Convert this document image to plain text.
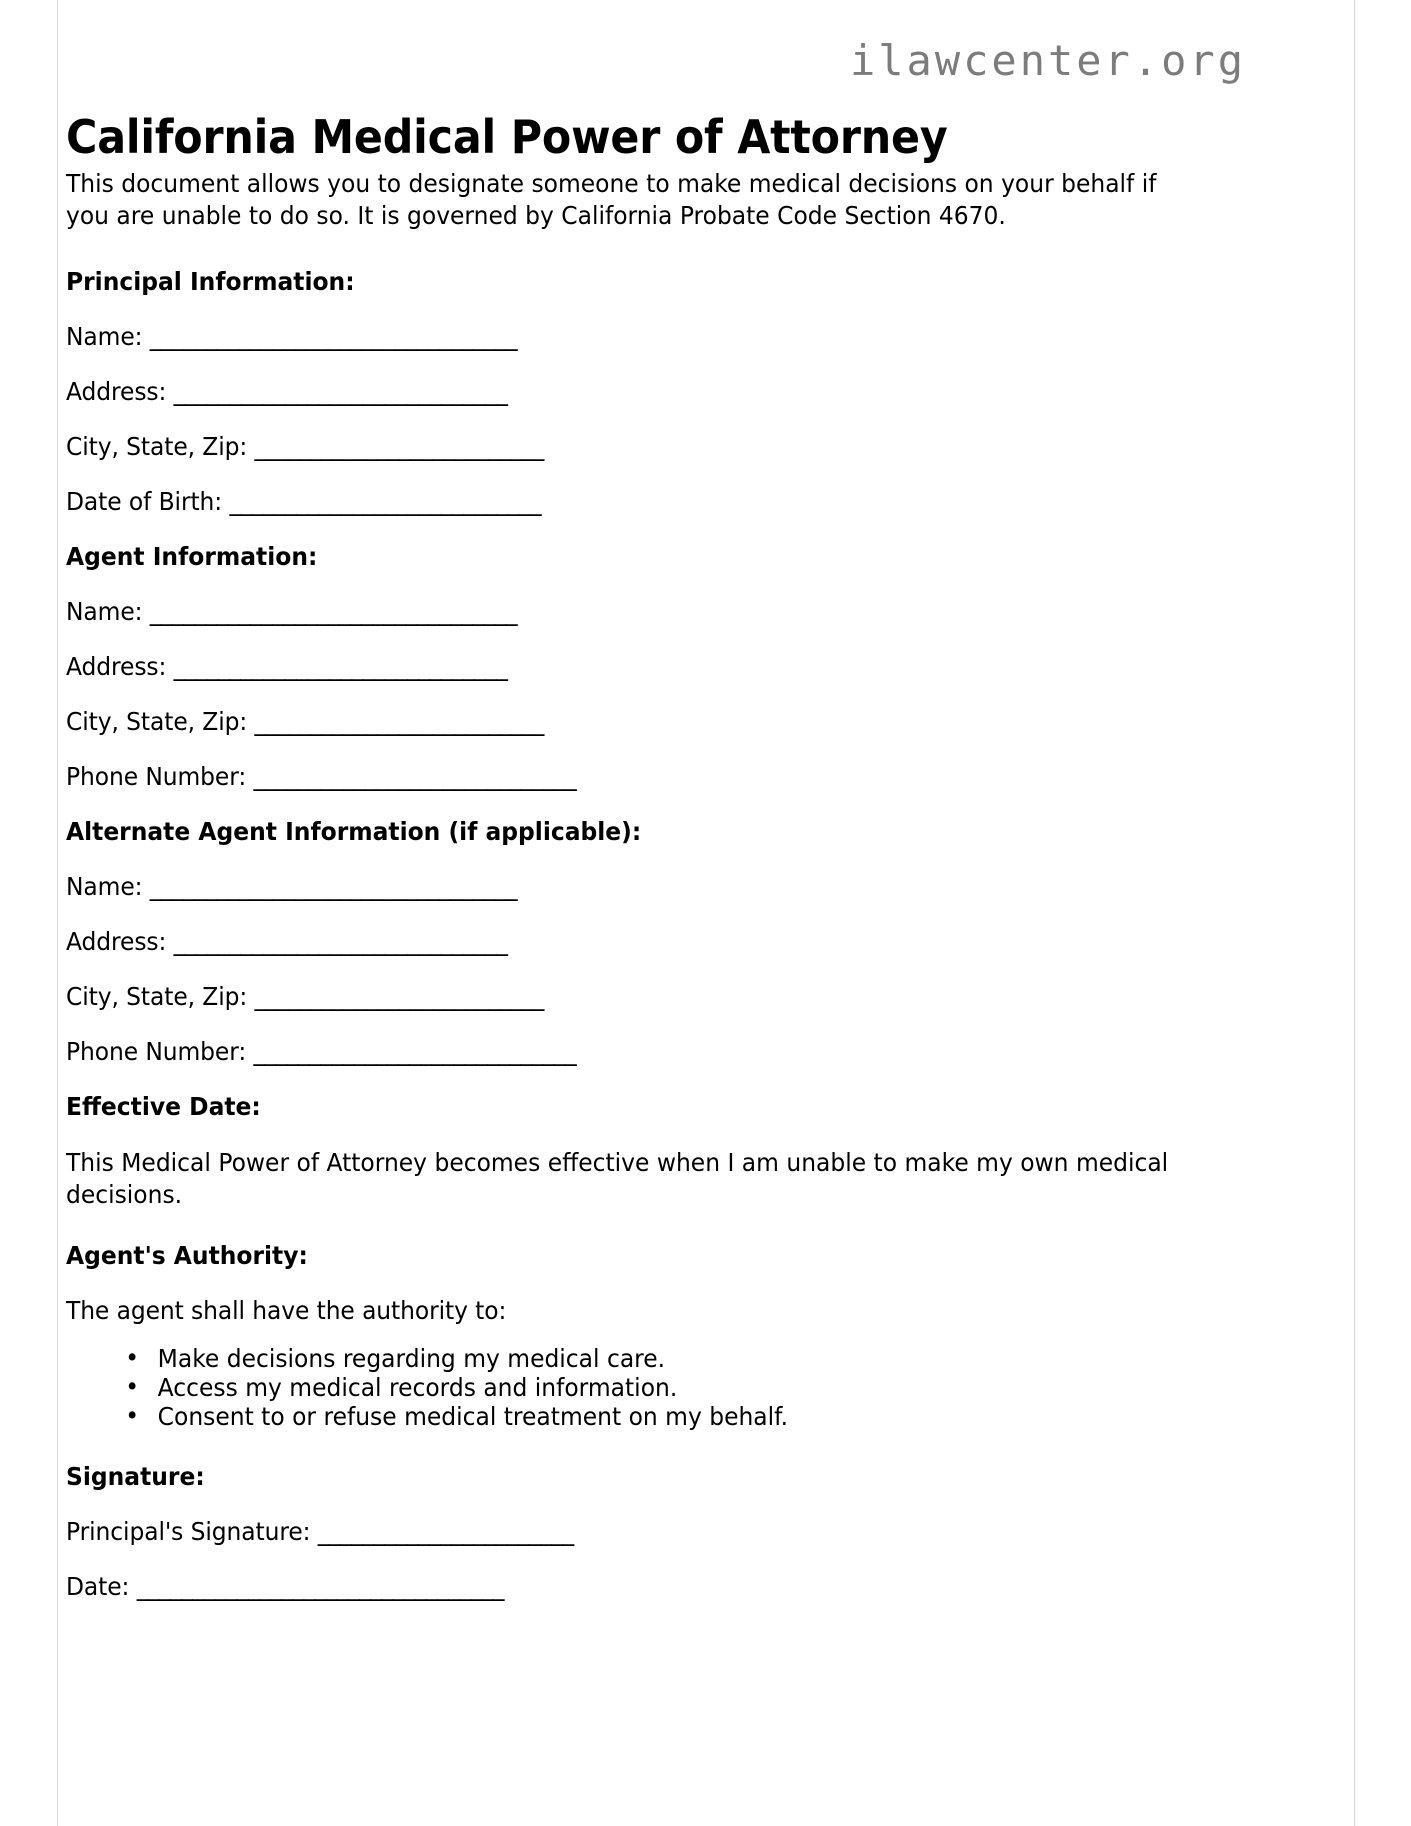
ilawcenter.org
California Medical Power of Attorney

This document allows you to designate someone to make medical decisions on your behalf if you are unable to do so. It is governed by California Probate Code Section 4670.

Principal Information:

Name: _________________________________

Address: ______________________________

City, State, Zip: __________________________

Date of Birth: ____________________________

Agent Information:

Name: _________________________________

Address: ______________________________

City, State, Zip: __________________________

Phone Number: _____________________________

Alternate Agent Information (if applicable):

Name: _________________________________

Address: ______________________________

City, State, Zip: __________________________

Phone Number: _____________________________

Effective Date:

This Medical Power of Attorney becomes effective when I am unable to make my own medical decisions.

Agent's Authority:

The agent shall have the authority to:

• Make decisions regarding my medical care.
• Access my medical records and information.
• Consent to or refuse medical treatment on my behalf.
Signature:

Principal's Signature: _______________________

Date: _________________________________
